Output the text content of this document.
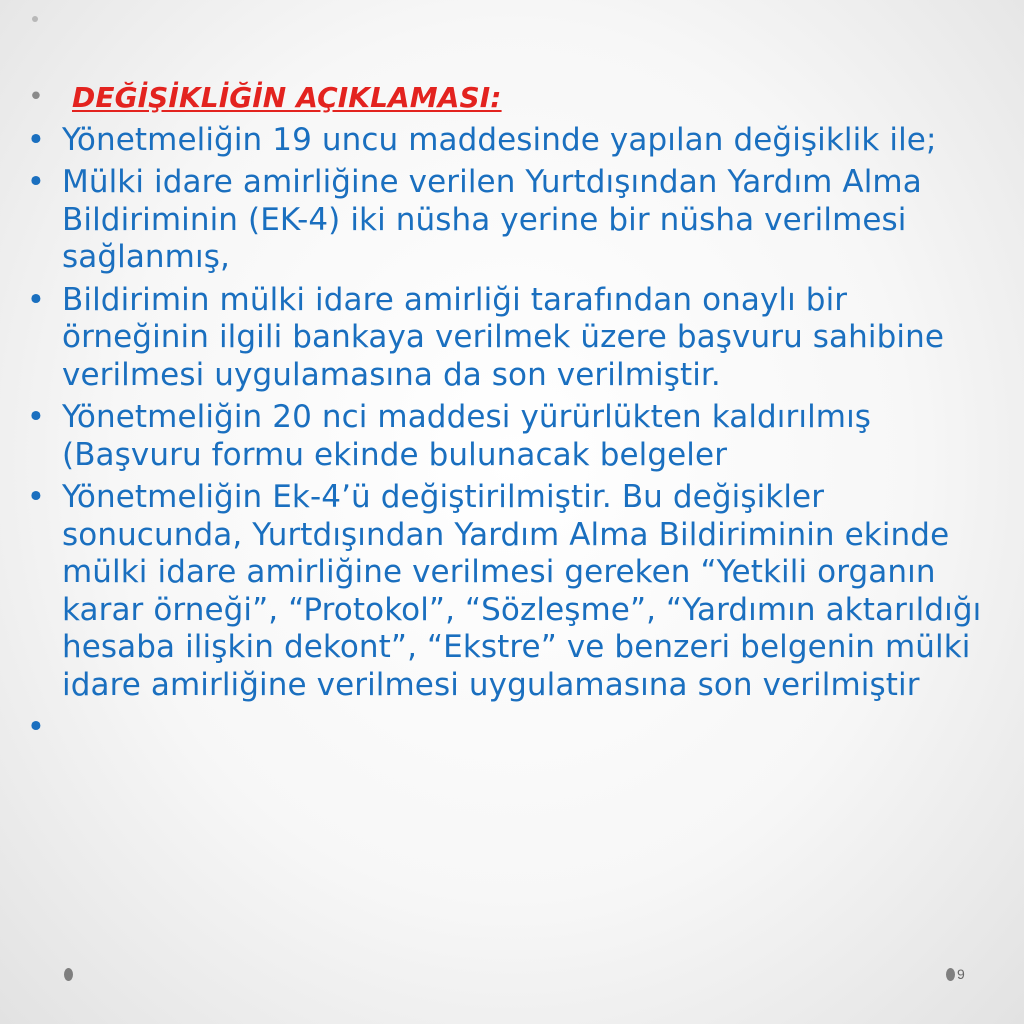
• DEĞİŞİKLİĞİN AÇIKLAMASI:
• Yönetmeliğin 19 uncu maddesinde yapılan değişiklik ile;
• Mülki idare amirliğine verilen Yurtdışından Yardım Alma Bildiriminin (EK-4) iki nüsha yerine bir nüsha verilmesi sağlanmış,
• Bildirimin mülki idare amirliği tarafından onaylı bir örneğinin ilgili bankaya verilmek üzere başvuru sahibine verilmesi uygulamasına da son verilmiştir.
• Yönetmeliğin 20 nci maddesi yürürlükten kaldırılmış (Başvuru formu ekinde bulunacak belgeler
• Yönetmeliğin Ek-4’ü değiştirilmiştir. Bu değişikler sonucunda, Yurtdışından Yardım Alma Bildiriminin ekinde mülki idare amirliğine verilmesi gereken “Yetkili organın karar örneği”, “Protokol”, “Sözleşme”, “Yardımın aktarıldığı hesaba ilişkin dekont”, “Ekstre” ve benzeri belgenin mülki idare amirliğine verilmesi uygulamasına son verilmiştir
•
9
